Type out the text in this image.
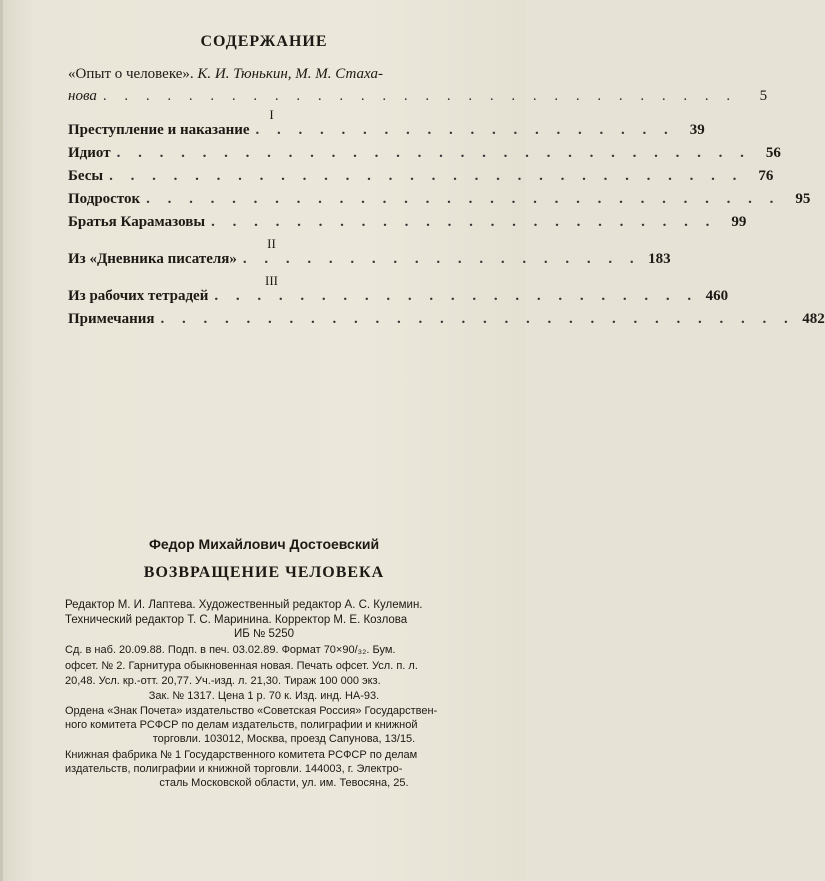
СОДЕРЖАНИЕ
«Опыт о человеке». К. И. Тюнькин, М. М. Стаха-
нова . . . . . . . . . . . . . . . . . . . . . . . . . . . . . .	5
I
Преступление и наказание . . . . . . . . . . . . . . . . . . . .	39
Идиот . . . . . . . . . . . . . . . . . . . . . . . . . . . . . .	56
Бесы . . . . . . . . . . . . . . . . . . . . . . . . . . . . . .	76
Подросток . . . . . . . . . . . . . . . . . . . . . . . . . . . . . .	95
Братья Карамазовы . . . . . . . . . . . . . . . . . . . . . . . .	99
II
Из «Дневника писателя» . . . . . . . . . . . . . . . . . . . 183
III
Из рабочих тетрадей . . . . . . . . . . . . . . . . . . . . . . . 460
Примечания . . . . . . . . . . . . . . . . . . . . . . . . . . . . . . 482
Федор Михайлович Достоевский
ВОЗВРАЩЕНИЕ ЧЕЛОВЕКА
Редактор М. И. Лаптева. Художественный редактор А. С. Кулемин.
Технический редактор Т. С. Маринина. Корректор М. Е. Козлова
ИБ № 5250
Сд. в наб. 20.09.88. Подп. в печ. 03.02.89. Формат 70×90/₃₂. Бум.
офсет. № 2. Гарнитура обыкновенная новая. Печать офсет. Усл. п. л.
20,48. Усл. кр.-отт. 20,77. Уч.-изд. л. 21,30. Тираж 100 000 экз.
Зак. № 1317. Цена 1 р. 70 к. Изд. инд. НА-93.
Ордена «Знак Почета» издательство «Советская Россия» Государствен-
ного комитета РСФСР по делам издательств, полиграфии и книжной
торговли. 103012, Москва, проезд Сапунова, 13/15.
Книжная фабрика № 1 Государственного комитета РСФСР по делам
издательств, полиграфии и книжной торговли. 144003, г. Электро-
сталь Московской области, ул. им. Тевосяна, 25.
